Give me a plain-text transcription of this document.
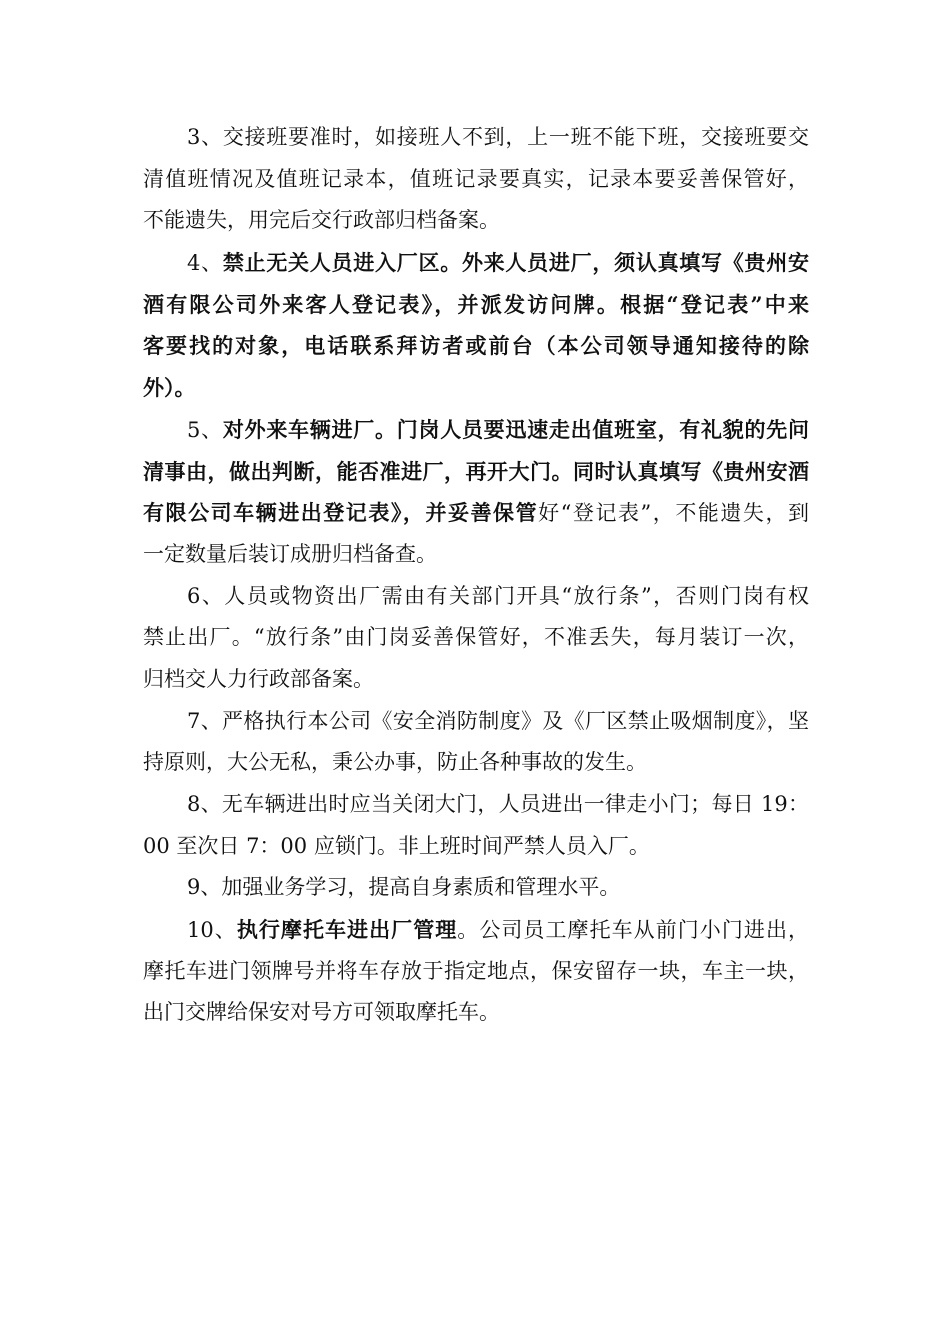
3、交接班要准时，如接班人不到，上一班不能下班，交接班要交
清值班情况及值班记录本，值班记录要真实，记录本要妥善保管好，
不能遗失，用完后交行政部归档备案。
4、禁止无关人员进入厂区。外来人员进厂，须认真填写《贵州安
酒有限公司外来客人登记表》，并派发访问牌。根据“登记表”中来
客要找的对象，电话联系拜访者或前台（本公司领导通知接待的除
外）。
5、对外来车辆进厂。门岗人员要迅速走出值班室，有礼貌的先问
清事由，做出判断，能否准进厂，再开大门。同时认真填写《贵州安酒
有限公司车辆进出登记表》，并妥善保管好“登记表”，不能遗失，到
一定数量后装订成册归档备查。
6、人员或物资出厂需由有关部门开具“放行条”，否则门岗有权
禁止出厂。“放行条”由门岗妥善保管好，不准丢失，每月装订一次，
归档交人力行政部备案。
7、严格执行本公司《安全消防制度》及《厂区禁止吸烟制度》，坚
持原则，大公无私，秉公办事，防止各种事故的发生。
8、无车辆进出时应当关闭大门，人员进出一律走小门；每日 19：
00 至次日 7：00 应锁门。非上班时间严禁人员入厂。
9、加强业务学习，提高自身素质和管理水平。
10、执行摩托车进出厂管理。公司员工摩托车从前门小门进出，
摩托车进门领牌号并将车存放于指定地点，保安留存一块，车主一块，
出门交牌给保安对号方可领取摩托车。
